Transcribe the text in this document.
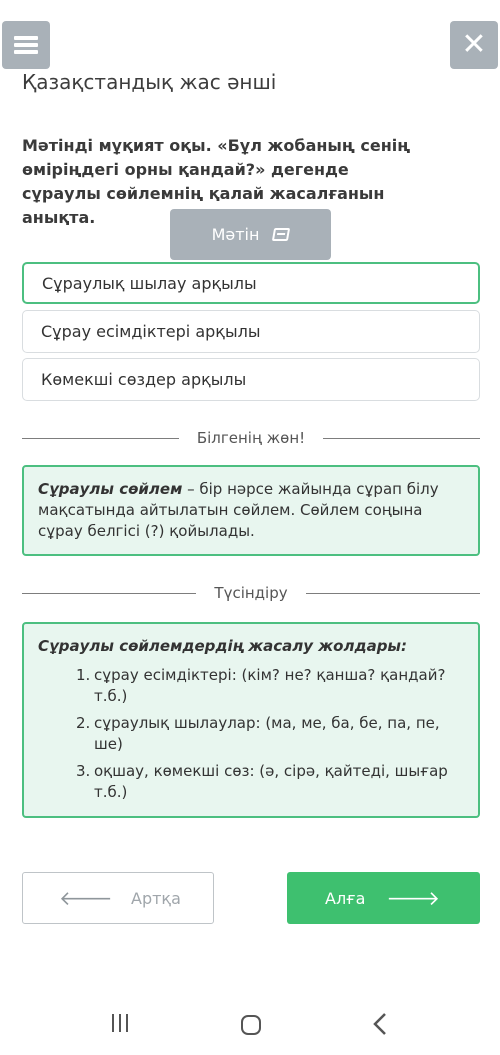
✕
Қазақстандық жас әнші
Мәтінді мұқият оқы. «Бұл жобаның сенің өміріңдегі орны қандай?» дегенде сұраулы сөйлемнің қалай жасалғанын анықта.
Мәтін
Сұраулық шылау арқылы
Сұрау есімдіктері арқылы
Көмекші сөздер арқылы
Білгенің жөн!
Сұраулы сөйлем – бір нәрсе жайында сұрап білу мақсатында айтылатын сөйлем. Сөйлем соңына сұрау белгісі (?) қойылады.
Түсіндіру
Сұраулы сөйлемдердің жасалу жолдары:
1. сұрау есімдіктері: (кім? не? қанша? қандай? т.б.)
2. сұраулық шылаулар: (ма, ме, ба, бе, па, пе, ше)
3. оқшау, көмекші сөз: (ә, сірә, қайтеді, шығар т.б.)
🡐 Артқа	Алға 🡒
